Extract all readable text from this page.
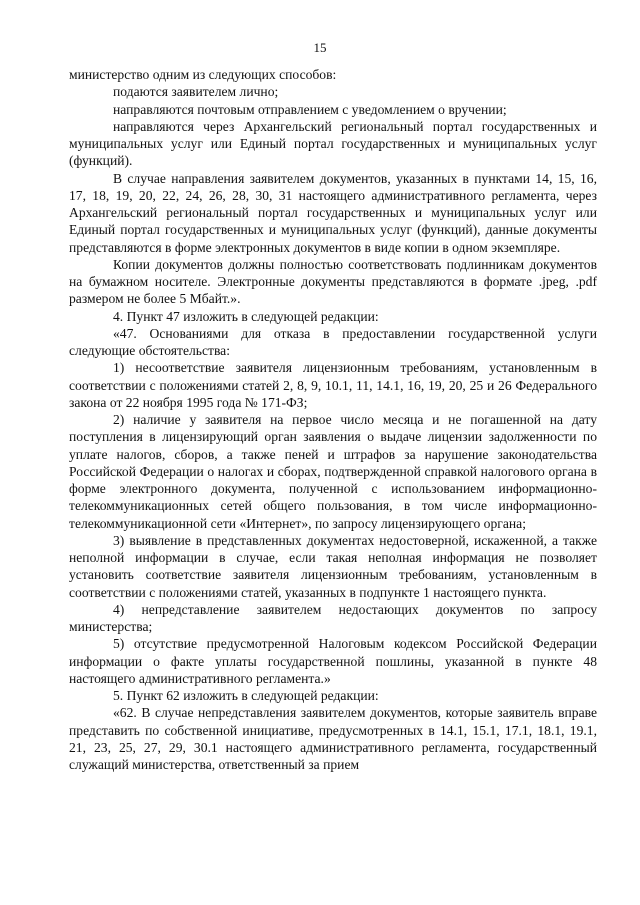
15

министерство одним из следующих способов:

подаются заявителем лично;

направляются почтовым отправлением с уведомлением о вручении;

направляются через Архангельский региональный портал государственных и муниципальных услуг или Единый портал государственных и муниципальных услуг (функций).

В случае направления заявителем документов, указанных в пунктами 14, 15, 16, 17, 18, 19, 20, 22, 24, 26, 28, 30, 31 настоящего административного регламента, через Архангельский региональный портал государственных и муниципальных услуг или Единый портал государственных и муниципальных услуг (функций), данные документы представляются в форме электронных документов в виде копии в одном экземпляре.

Копии документов должны полностью соответствовать подлинникам документов на бумажном носителе. Электронные документы представляются в формате .jpeg, .pdf размером не более 5 Мбайт.».

4. Пункт 47 изложить в следующей редакции:

«47. Основаниями для отказа в предоставлении государственной услуги следующие обстоятельства:

1) несоответствие заявителя лицензионным требованиям, установленным в соответствии с положениями статей 2, 8, 9, 10.1, 11, 14.1, 16, 19, 20, 25 и 26 Федерального закона от 22 ноября 1995 года № 171-ФЗ;

2) наличие у заявителя на первое число месяца и не погашенной на дату поступления в лицензирующий орган заявления о выдаче лицензии задолженности по уплате налогов, сборов, а также пеней и штрафов за нарушение законодательства Российской Федерации о налогах и сборах, подтвержденной справкой налогового органа в форме электронного документа, полученной с использованием информационно-телекоммуникационных сетей общего пользования, в том числе информационно-телекоммуникационной сети «Интернет», по запросу лицензирующего органа;

3) выявление в представленных документах недостоверной, искаженной, а также неполной информации в случае, если такая неполная информация не позволяет установить соответствие заявителя лицензионным требованиям, установленным в соответствии с положениями статей, указанных в подпункте 1 настоящего пункта.

4) непредставление заявителем недостающих документов по запросу министерства;

5) отсутствие предусмотренной Налоговым кодексом Российской Федерации информации о факте уплаты государственной пошлины, указанной в пункте 48 настоящего административного регламента.»

5. Пункт 62 изложить в следующей редакции:

«62. В случае непредставления заявителем документов, которые заявитель вправе представить по собственной инициативе, предусмотренных в 14.1, 15.1, 17.1, 18.1, 19.1, 21, 23, 25, 27, 29, 30.1 настоящего административного регламента, государственный служащий министерства, ответственный за прием
